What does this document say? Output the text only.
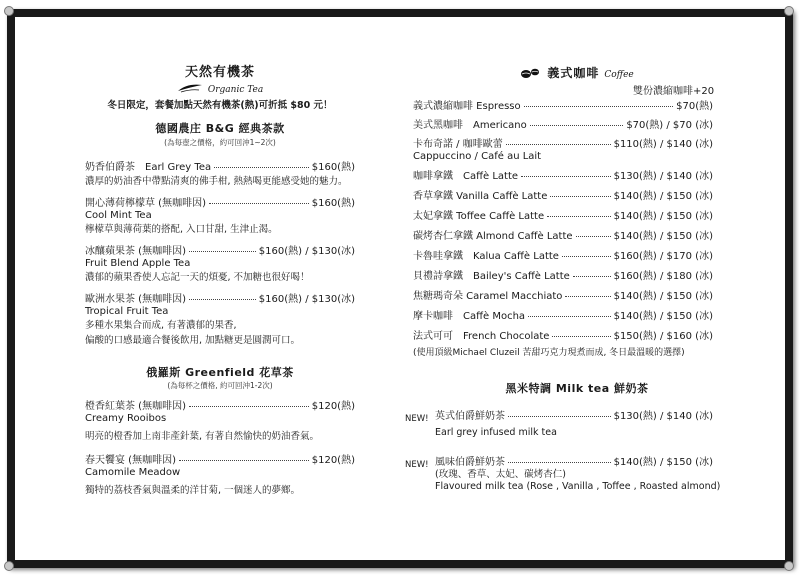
天然有機茶
Organic Tea
冬日限定，套餐加點天然有機茶(熱)可折抵 $80 元！
德國農庄 B&G 經典茶款
(為每壺之價格，約可回沖1~2次)
奶香伯爵茶　Earl Grey Tea	$160(熱)
濃厚的奶油香中帶點清爽的佛手柑, 熱熱喝更能感受她的魅力。
開心薄荷檸檬草 (無咖啡因)	$160(熱)
Cool Mint Tea
檸檬草與薄荷葉的搭配, 入口甘甜, 生津止渴。
冰釀蘋果茶 (無咖啡因)	$160(熱) / $130(冰)
Fruit Blend Apple Tea
濃郁的蘋果香使人忘記一天的煩憂, 不加糖也很好喝！
歐洲水果茶 (無咖啡因)	$160(熱) / $130(冰)
Tropical Fruit Tea
多種水果集合而成, 有著濃郁的果香,
偏酸的口感最適合餐後飲用, 加點糖更是圓潤可口。
俄羅斯 Greenfield 花草茶
(為每杯之價格, 約可回沖1-2次)
橙香紅葉茶 (無咖啡因)	$120(熱)
Creamy Rooibos
明亮的橙香加上南非產針葉, 有著自然愉快的奶油香氣。
春天饗宴 (無咖啡因)	$120(熱)
Camomile Meadow
獨特的荔枝香氣與溫柔的洋甘菊, 一個迷人的夢鄉。
義式咖啡 Coffee
雙份濃縮咖啡+20
義式濃縮咖啡 Espresso	$70(熱)
美式黑咖啡　Americano	$70(熱) / $70 (冰)
卡布奇諾 / 咖啡歐蕾	$110(熱) / $140 (冰)
Cappuccino / Café au Lait
咖啡拿鐵　Caffè Latte	$130(熱) / $140 (冰)
香草拿鐵 Vanilla Caffè Latte	$140(熱) / $150 (冰)
太妃拿鐵 Toffee Caffè Latte	$140(熱) / $150 (冰)
碳烤杏仁拿鐵 Almond Caffè Latte	$140(熱) / $150 (冰)
卡魯哇拿鐵　Kalua Caffè Latte	$160(熱) / $170 (冰)
貝禮詩拿鐵　Bailey's Caffè Latte	$160(熱) / $180 (冰)
焦糖瑪奇朵 Caramel Macchiato	$140(熱) / $150 (冰)
摩卡咖啡　Caffè Mocha	$140(熱) / $150 (冰)
法式可可　French Chocolate	$150(熱) / $160 (冰)
(使用頂級Michael Cluzeil 苦甜巧克力現煮而成, 冬日最溫暖的選擇)
黑米特調 Milk tea 鮮奶茶
NEW! 英式伯爵鮮奶茶	$130(熱) / $140 (冰)
Earl grey infused milk tea
NEW! 風味伯爵鮮奶茶	$140(熱) / $150 (冰)
(玫瑰、香草、太妃、碳烤杏仁)
Flavoured milk tea (Rose , Vanilla , Toffee , Roasted almond)
